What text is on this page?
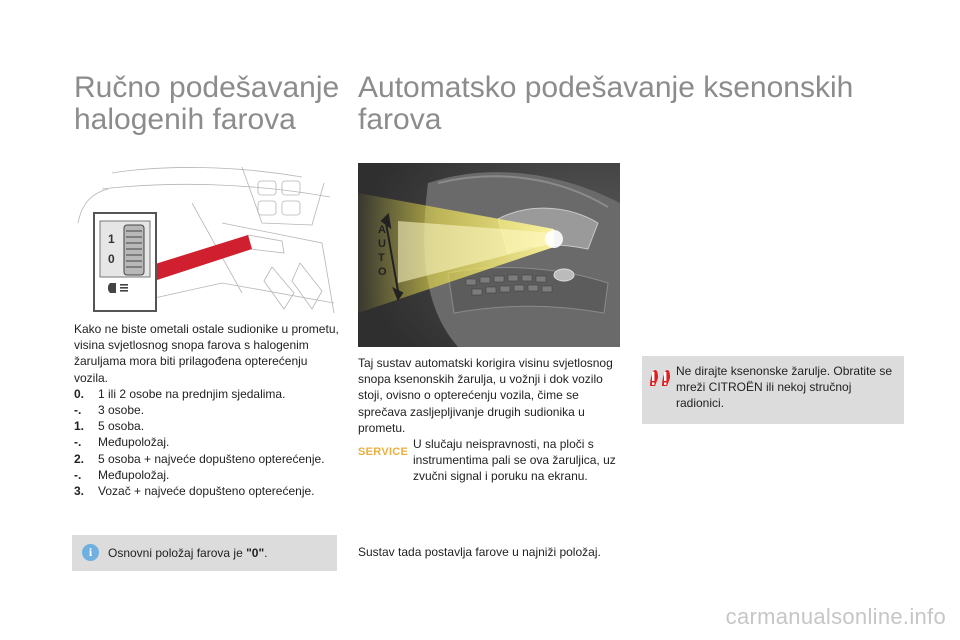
Ručno podešavanje
halogenih farova
Automatsko podešavanje ksenonskih
farova
1
0
AUTO
Kako ne biste ometali ostale sudionike u prometu, visina svjetlosnog snopa farova s halogenim žaruljama mora biti prilagođena opterećenju vozila.
0.	1 ili 2 osobe na prednjim sjedalima.
-.	3 osobe.
1.	5 osoba.
-.	Međupoložaj.
2.	5 osoba + najveće dopušteno opterećenje.
-.	Međupoložaj.
3.	Vozač + najveće dopušteno opterećenje.
Taj sustav automatski korigira visinu svjetlosnog snopa ksenonskih žarulja, u vožnji i dok vozilo stoji, ovisno o opterećenju vozila, čime se sprečava zasljepljivanje drugih sudionika u prometu.
SERVICE
U slučaju neispravnosti, na ploči s instrumentima pali se ova žaruljica, uz zvučni signal i poruku na ekranu.
i	Osnovni položaj farova je "0".
Ne dirajte ksenonske žarulje. Obratite se mreži CITROËN ili nekoj stručnoj radionici.
Sustav tada postavlja farove u najniži položaj.
carmanualsonline.info
